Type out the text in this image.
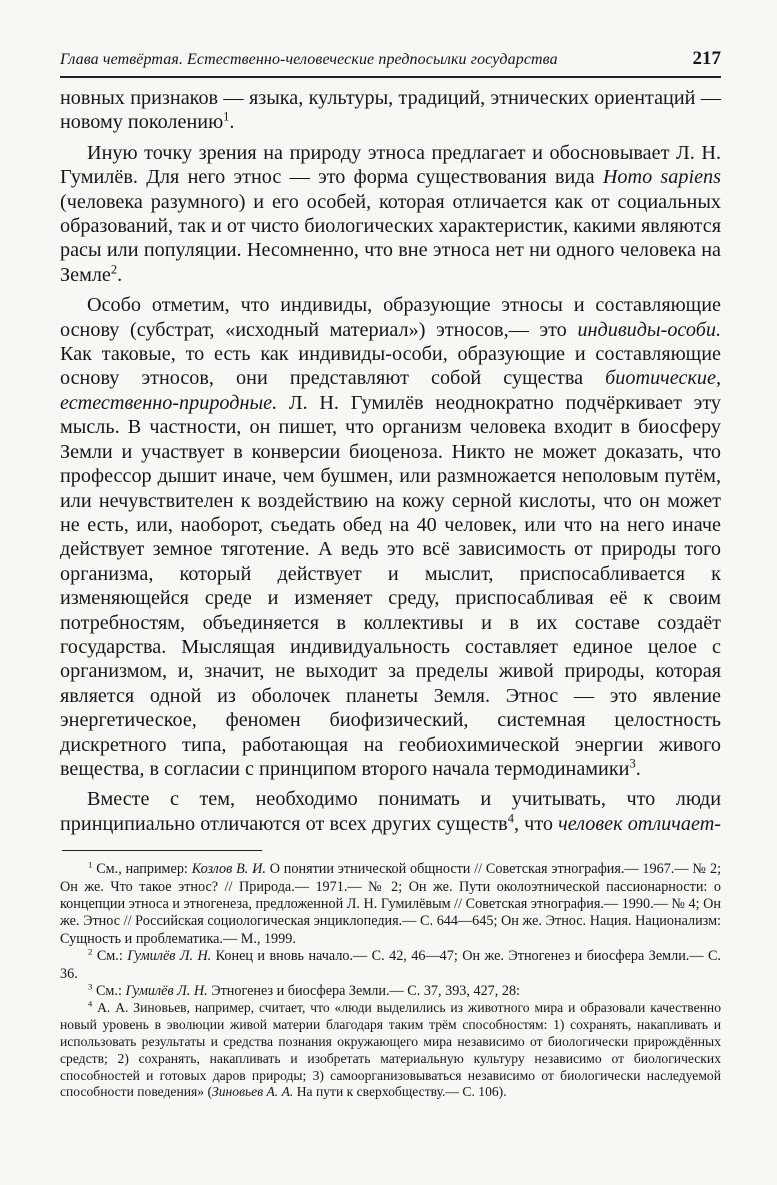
Глава четвёртая. Естественно-человеческие предпосылки государства	217

новных признаков — языка, культуры, традиций, этнических ориентаций — новому поколению$^1$.

Иную точку зрения на природу этноса предлагает и обосновывает Л. Н. Гумилёв. Для него этнос — это форма существования вида Homo sapiens (человека разумного) и его особей, которая отличается как от социальных образований, так и от чисто биологических характеристик, какими являются расы или популяции. Несомненно, что вне этноса нет ни одного человека на Земле$^2$.

Особо отметим, что индивиды, образующие этносы и составляющие основу (субстрат, «исходный материал») этносов,— это индивиды-особи. Как таковые, то есть как индивиды-особи, образующие и составляющие основу этносов, они представляют собой существа биотические, естественно-природные. Л. Н. Гумилёв неоднократно подчёркивает эту мысль. В частности, он пишет, что организм человека входит в биосферу Земли и участвует в конверсии биоценоза. Никто не может доказать, что профессор дышит иначе, чем бушмен, или размножается неполовым путём, или нечувствителен к воздействию на кожу серной кислоты, что он может не есть, или, наоборот, съедать обед на 40 человек, или что на него иначе действует земное тяготение. А ведь это всё зависимость от природы того организма, который действует и мыслит, приспосабливается к изменяющейся среде и изменяет среду, приспосабливая её к своим потребностям, объединяется в коллективы и в их составе создаёт государства. Мыслящая индивидуальность составляет единое целое с организмом, и, значит, не выходит за пределы живой природы, которая является одной из оболочек планеты Земля. Этнос — это явление энергетическое, феномен биофизический, системная целостность дискретного типа, работающая на геобиохимической энергии живого вещества, в согласии с принципом второго начала термодинамики$^3$.

Вместе с тем, необходимо понимать и учитывать, что люди принципиально отличаются от всех других существ$^4$, что человек отличает-

$^1$ См., например: Козлов В. И. О понятии этнической общности // Советская этнография.— 1967.— № 2; Он же. Что такое этнос? // Природа.— 1971.— № 2; Он же. Пути околоэтнической пассионарности: о концепции этноса и этногенеза, предложенной Л. Н. Гумилёвым // Советская этнография.— 1990.— № 4; Он же. Этнос // Российская социологическая энциклопедия.— С. 644—645; Он же. Этнос. Нация. Национализм: Сущность и проблематика.— М., 1999.

$^2$ См.: Гумилёв Л. Н. Конец и вновь начало.— С. 42, 46—47; Он же. Этногенез и биосфера Земли.— С. 36.

$^3$ См.: Гумилёв Л. Н. Этногенез и биосфера Земли.— С. 37, 393, 427, 28:

$^4$ А. А. Зиновьев, например, считает, что «люди выделились из животного мира и образовали качественно новый уровень в эволюции живой материи благодаря таким трём способностям: 1) сохранять, накапливать и использовать результаты и средства познания окружающего мира независимо от биологически прирождённых средств; 2) сохранять, накапливать и изобретать материальную культуру независимо от биологических способностей и готовых даров природы; 3) самоорганизовываться независимо от биологически наследуемой способности поведения» (Зиновьев А. А. На пути к сверхобществу.— С. 106).
